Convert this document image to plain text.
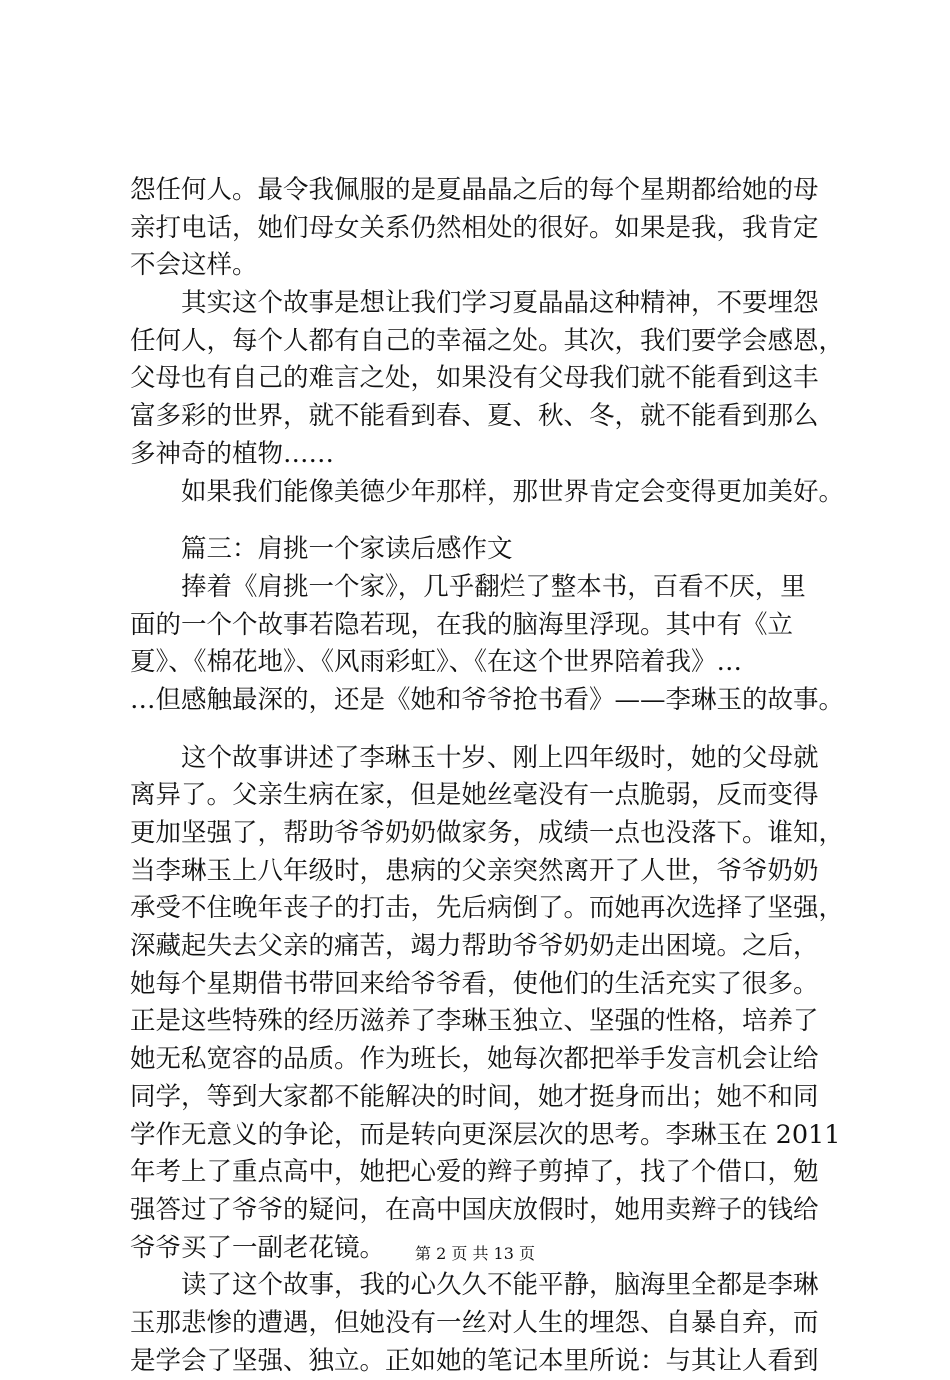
怨任何人。最令我佩服的是夏晶晶之后的每个星期都给她的母
亲打电话，她们母女关系仍然相处的很好。如果是我，我肯定
不会这样。
　　其实这个故事是想让我们学习夏晶晶这种精神，不要埋怨
任何人，每个人都有自己的幸福之处。其次，我们要学会感恩，
父母也有自己的难言之处，如果没有父母我们就不能看到这丰
富多彩的世界，就不能看到春、夏、秋、冬，就不能看到那么
多神奇的植物……
　　如果我们能像美德少年那样，那世界肯定会变得更加美好。
　　篇三：肩挑一个家读后感作文
　　捧着《肩挑一个家》，几乎翻烂了整本书，百看不厌，里
面的一个个故事若隐若现，在我的脑海里浮现。其中有《立
夏》、《棉花地》、《风雨彩虹》、《在这个世界陪着我》…
…但感触最深的，还是《她和爷爷抢书看》——李琳玉的故事。
　　这个故事讲述了李琳玉十岁、刚上四年级时，她的父母就
离异了。父亲生病在家，但是她丝毫没有一点脆弱，反而变得
更加坚强了，帮助爷爷奶奶做家务，成绩一点也没落下。谁知，
当李琳玉上八年级时，患病的父亲突然离开了人世，爷爷奶奶
承受不住晚年丧子的打击，先后病倒了。而她再次选择了坚强，
深藏起失去父亲的痛苦，竭力帮助爷爷奶奶走出困境。之后，
她每个星期借书带回来给爷爷看，使他们的生活充实了很多。
正是这些特殊的经历滋养了李琳玉独立、坚强的性格，培养了
她无私宽容的品质。作为班长，她每次都把举手发言机会让给
同学，等到大家都不能解决的时间，她才挺身而出；她不和同
学作无意义的争论，而是转向更深层次的思考。李琳玉在 2011
年考上了重点高中，她把心爱的辫子剪掉了，找了个借口，勉
强答过了爷爷的疑问，在高中国庆放假时，她用卖辫子的钱给
爷爷买了一副老花镜。
　　读了这个故事，我的心久久不能平静，脑海里全都是李琳
玉那悲惨的遭遇，但她没有一丝对人生的埋怨、自暴自弃，而
是学会了坚强、独立。正如她的笔记本里所说：与其让人看到
第 2 页 共 13 页
